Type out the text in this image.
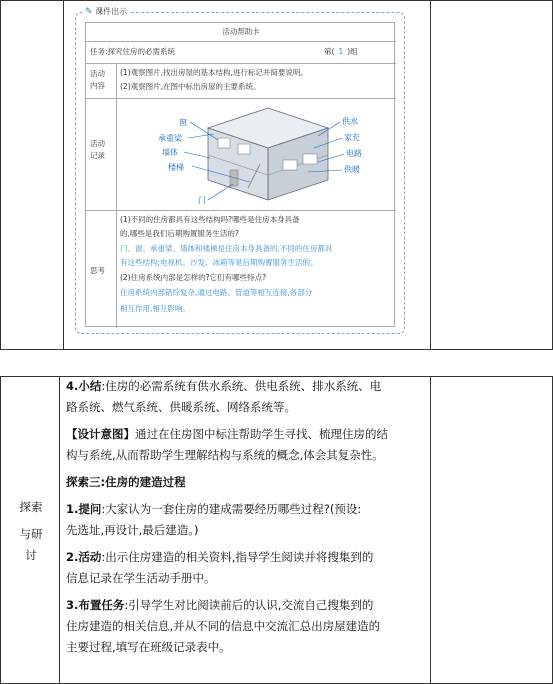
✎ 课件出示
活动帮助卡
任务:探究住房的必需系统	第( 1 )组
活动
内容
(1)观察图片,找出房屋的基本结构,进行标记并简要说明。
(2)观察图片,在图中标出房屋的主要系统。
活动
记录
窗
承重梁
墙体
楼梯
门
供水
家充
电路
供暖
思考
(1)不同的住房都具有这些结构吗?哪些是住房本身具备
的,哪些是我们后期购置服务生活的?
门、窗、承重梁、墙体和楼梯是住房本身具备的,不同的住房都具
有这些结构;电视机、沙发、冰箱等是后期购置服务生活的。
(2)住房系统内部是怎样的?它们有哪些特点?
住房系统内部错综复杂,通过电路、管道等相互连接,各部分
相互作用,相互影响。
探索
与研讨
4.小结:住房的必需系统有供水系统、供电系统、排水系统、电
路系统、燃气系统、供暖系统、网络系统等。
【设计意图】通过在住房图中标注帮助学生寻找、梳理住房的结
构与系统,从而帮助学生理解结构与系统的概念,体会其复杂性。
探索三:住房的建造过程
1.提问:大家认为一套住房的建成需要经历哪些过程?(预设:
先选址,再设计,最后建造。)
2.活动:出示住房建造的相关资料,指导学生阅读并将搜集到的
信息记录在学生活动手册中。
3.布置任务:引导学生对比阅读前后的认识,交流自己搜集到的
住房建造的相关信息,并从不同的信息中交流汇总出房屋建造的
主要过程,填写在班级记录表中。
